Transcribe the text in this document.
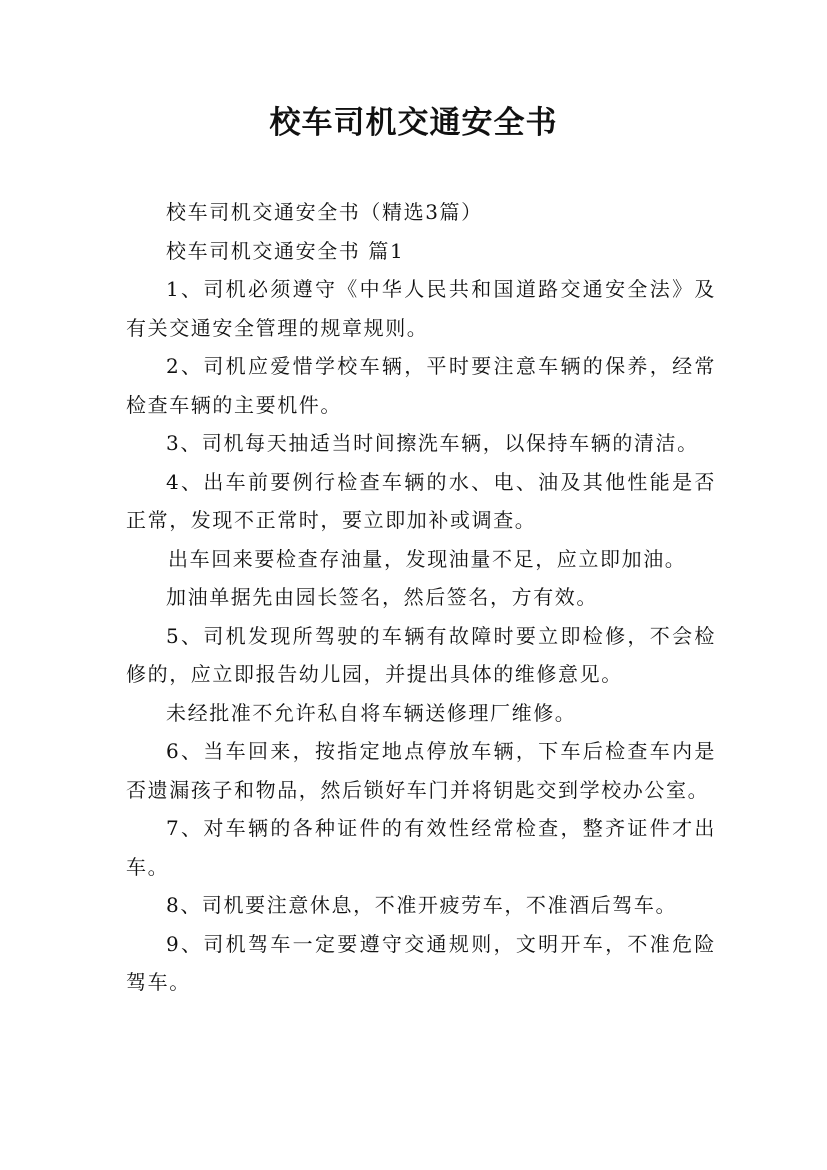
校车司机交通安全书

校车司机交通安全书（精选3篇）

校车司机交通安全书 篇1

1、司机必须遵守《中华人民共和国道路交通安全法》及有关交通安全管理的规章规则。

2、司机应爱惜学校车辆，平时要注意车辆的保养，经常检查车辆的主要机件。

3、司机每天抽适当时间擦洗车辆，以保持车辆的清洁。

4、出车前要例行检查车辆的水、电、油及其他性能是否正常，发现不正常时，要立即加补或调查。

出车回来要检查存油量，发现油量不足，应立即加油。

加油单据先由园长签名，然后签名，方有效。

5、司机发现所驾驶的车辆有故障时要立即检修，不会检修的，应立即报告幼儿园，并提出具体的维修意见。

未经批准不允许私自将车辆送修理厂维修。

6、当车回来，按指定地点停放车辆，下车后检查车内是否遗漏孩子和物品，然后锁好车门并将钥匙交到学校办公室。

7、对车辆的各种证件的有效性经常检查，整齐证件才出车。

8、司机要注意休息，不准开疲劳车，不准酒后驾车。

9、司机驾车一定要遵守交通规则，文明开车，不准危险驾车。
